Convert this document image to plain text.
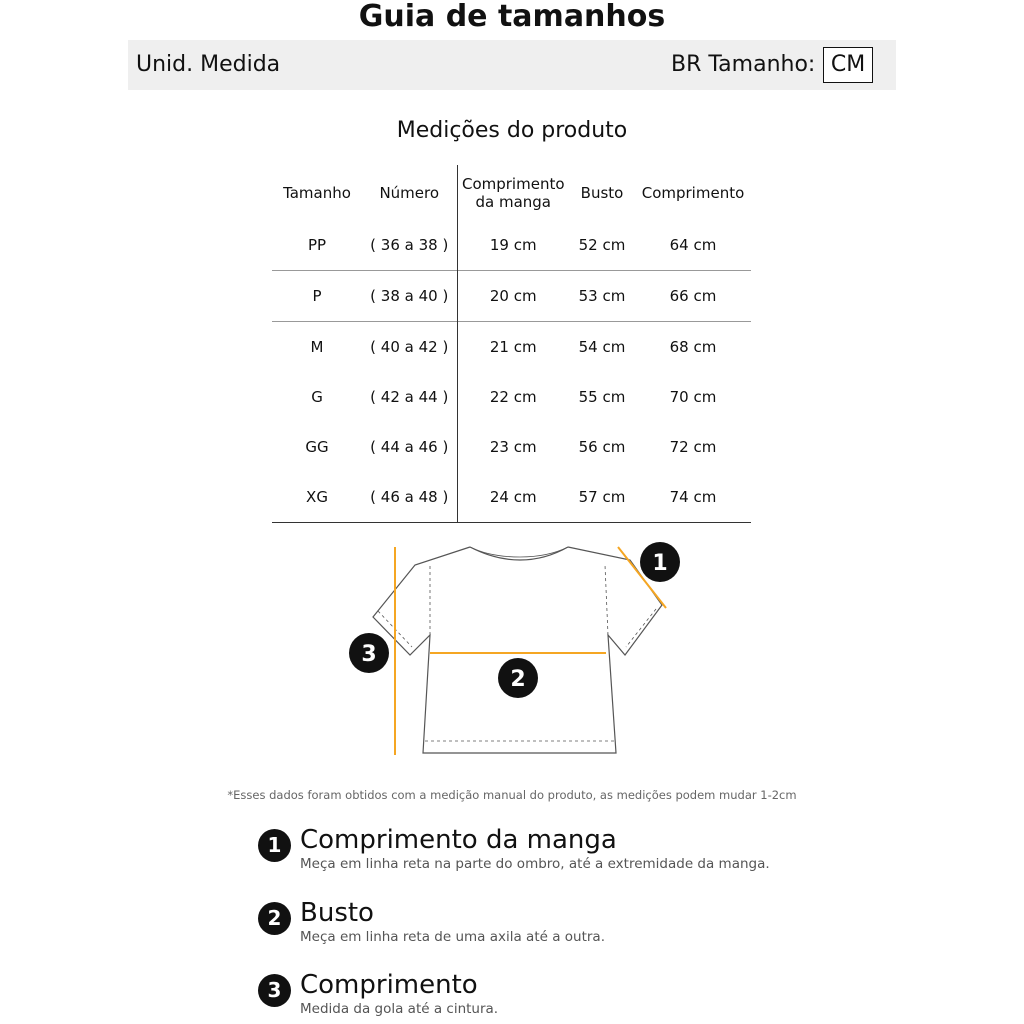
Guia de tamanhos
Unid. Medida	BR Tamanho: CM
Medições do produto
Tamanho	Número	Comprimento da manga	Busto	Comprimento
PP	( 36 a 38 )	19 cm	52 cm	64 cm
P	( 38 a 40 )	20 cm	53 cm	66 cm
M	( 40 a 42 )	21 cm	54 cm	68 cm
G	( 42 a 44 )	22 cm	55 cm	70 cm
GG	( 44 a 46 )	23 cm	56 cm	72 cm
XG	( 46 a 48 )	24 cm	57 cm	74 cm
1
2
3
*Esses dados foram obtidos com a medição manual do produto, as medições podem mudar 1-2cm
1 Comprimento da manga
Meça em linha reta na parte do ombro, até a extremidade da manga.
2 Busto
Meça em linha reta de uma axila até a outra.
3 Comprimento
Medida da gola até a cintura.
